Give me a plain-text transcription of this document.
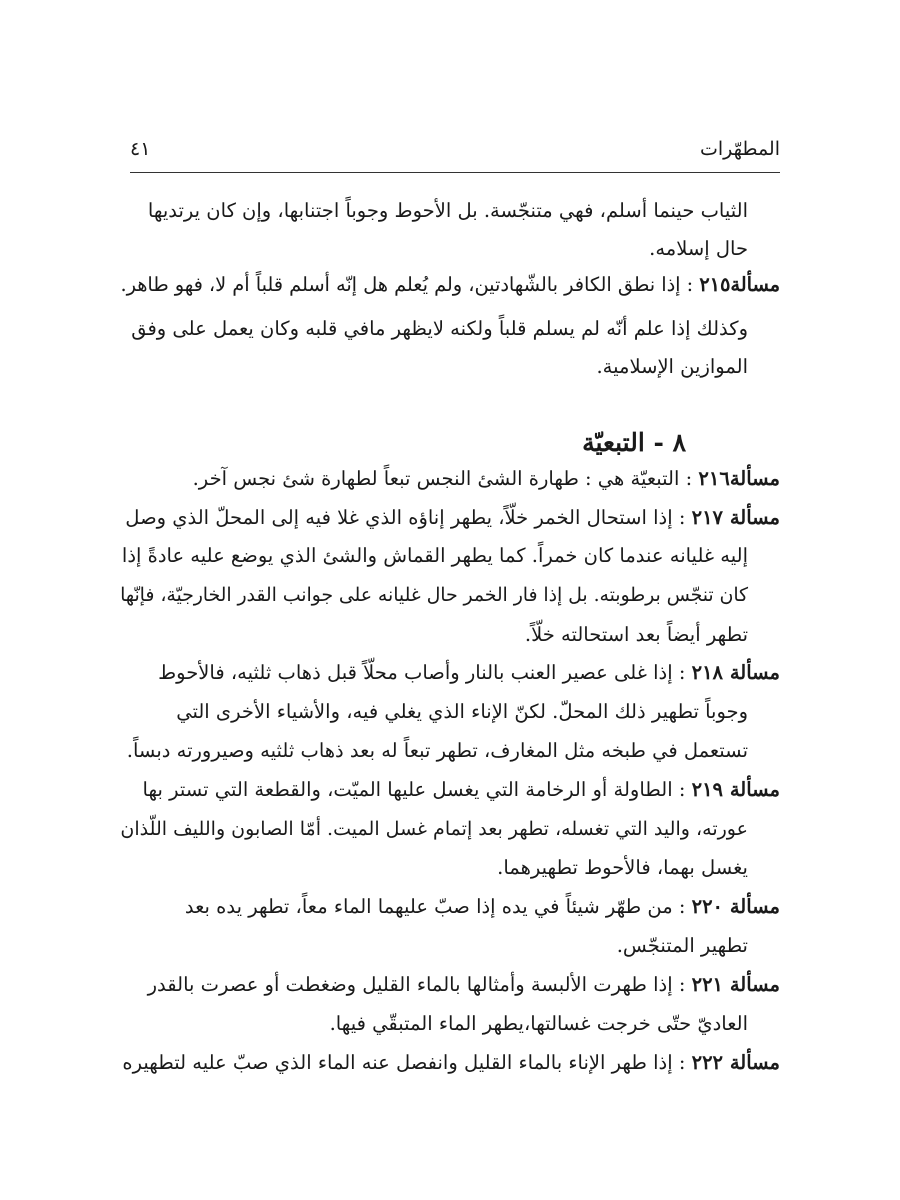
المطهّرات
٤١
الثياب حينما أسلم، فهي متنجّسة. بل الأحوط وجوباً اجتنابها، وإن كان يرتديها
حال إسلامه.
مسألة٢١٥ : إذا نطق الكافر بالشّهادتين، ولم يُعلم هل إنّه أسلم قلباً أم لا، فهو طاهر.
وكذلك إذا علم أنّه لم يسلم قلباً ولكنه لايظهر مافي قلبه وكان يعمل على وفق
الموازين الإسلامية.
٨ - التبعيّة
مسألة٢١٦ : التبعيّة هي : طهارة الشئ النجس تبعاً لطهارة شئ نجس آخر.
مسألة ٢١٧ : إذا استحال الخمر خلّاً، يطهر إناؤه الذي غلا فيه إلى المحلّ الذي وصل
إليه غليانه عندما كان خمراً. كما يطهر القماش والشئ الذي يوضع عليه عادةً إذا
كان تنجّس برطوبته. بل إذا فار الخمر حال غليانه على جوانب القدر الخارجيّة، فإنّها
تطهر أيضاً بعد استحالته خلّاً.
مسألة ٢١٨ : إذا غلى عصير العنب بالنار وأصاب محلّاً قبل ذهاب ثلثيه، فالأحوط
وجوباً تطهير ذلك المحلّ. لكنّ الإناء الذي يغلي فيه، والأشياء الأخرى التي
تستعمل في طبخه مثل المغارف، تطهر تبعاً له بعد ذهاب ثلثيه وصيرورته دبساً.
مسألة ٢١٩ : الطاولة أو الرخامة التي يغسل عليها الميّت، والقطعة التي تستر بها
عورته، واليد التي تغسله، تطهر بعد إتمام غسل الميت. أمّا الصابون والليف اللّذان
يغسل بهما، فالأحوط تطهيرهما.
مسألة ٢٢٠ : من طهّر شيئاً في يده إذا صبّ عليهما الماء معاً، تطهر يده بعد
تطهير المتنجّس.
مسألة ٢٢١ : إذا طهرت الألبسة وأمثالها بالماء القليل وضغطت أو عصرت بالقدر
العاديّ حتّى خرجت غسالتها،يطهر الماء المتبقّي فيها.
مسألة ٢٢٢ : إذا طهر الإناء بالماء القليل وانفصل عنه الماء الذي صبّ عليه لتطهيره
